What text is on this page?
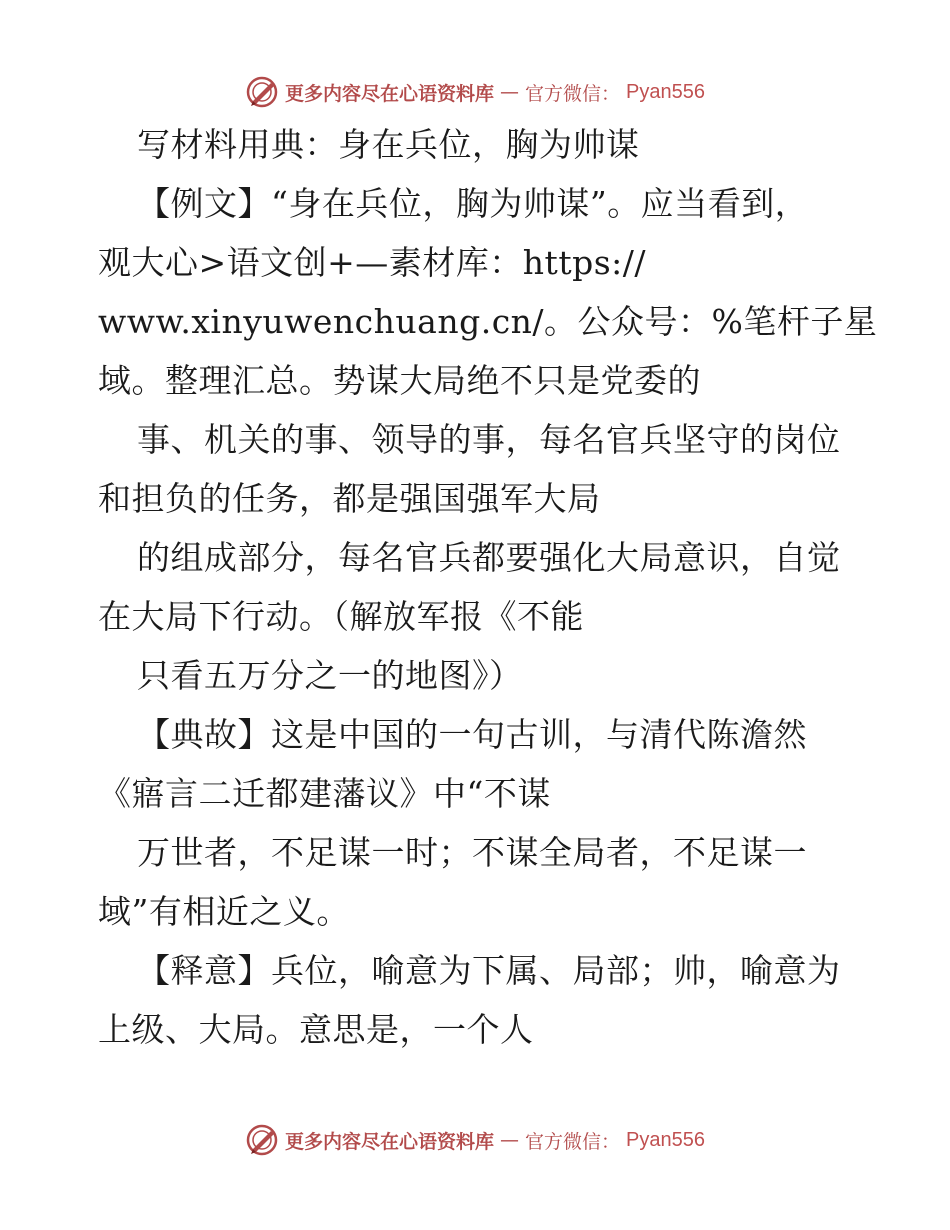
更多内容尽在心语资料库 — 官方微信： Pyan556
写材料用典：身在兵位，胸为帅谋
【例文】“身在兵位，胸为帅谋”。应当看到，
观大心>语文创+—素材库：https://
www.xinyuwenchuang.cn/。公众号：%笔杆子星
域。整理汇总。势谋大局绝不只是党委的
事、机关的事、领导的事，每名官兵坚守的岗位
和担负的任务，都是强国强军大局
的组成部分，每名官兵都要强化大局意识，自觉
在大局下行动。（解放军报《不能
只看五万分之一的地图》）
【典故】这是中国的一句古训，与清代陈澹然
《寤言二迁都建藩议》中“不谋
万世者，不足谋一时；不谋全局者，不足谋一
域”有相近之义。
【释意】兵位，喻意为下属、局部；帅，喻意为
上级、大局。意思是，一个人
更多内容尽在心语资料库 — 官方微信： Pyan556
